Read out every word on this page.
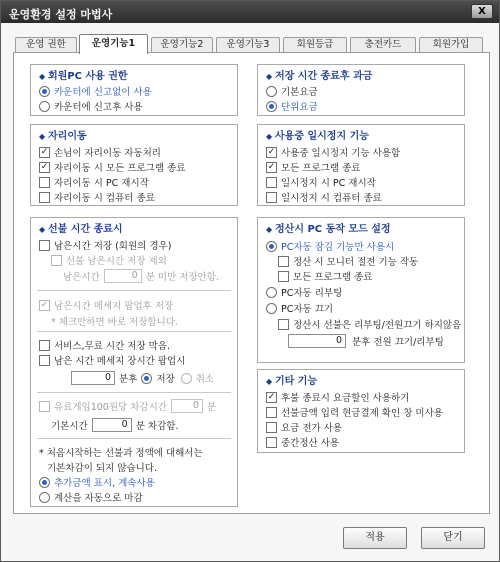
운영환경 설정 마법사	X
운영 권한	운영기능1	운영기능2	운영기능3	회원등급	충전카드	회원가입
◆ 회원PC 사용 권한
카운터에 신고없이 사용
카운터에 신고후 사용
◆ 자리이동
✓ 손님이 자리이동 자동처리
✓ 자리이동 시 모든 프로그램 종료
자리이동 시 PC 재시작
자리이동 시 컴퓨터 종료
◆ 선불 시간 종료시
남은시간 저장 (회원의 경우)
선불 남은시간 저장 제외
남은시간	0 분 미만 저장안함.
✓ 남은시간 메세지 팝업후 저장
* 체크안하면 바로 저장합니다.
서비스,무료 시간 저장 막음.
남은 시간 메세지 장시간 팝업시
0 분후 저장 취소
유료게임100원당 차감시간	0 분
기본시간	0 분 차감함.
* 처음시작하는 선불과 정액에 대해서는
기본차감이 되지 않습니다.
추가금액 표시, 계속사용
계산을 자동으로 마감
◆ 저장 시간 종료후 과금
기본요금
단위요금
◆ 사용중 일시정지 기능
✓ 사용중 일시정지 기능 사용함
✓ 모든 프로그램 종료
일시정지 시 PC 재시작
일시정지 시 컴퓨터 종료
◆ 정산시 PC 동작 모드 설정
PC자동 잠김 기능만 사용시
정산 시 모니터 절전 기능 작동
모든 프로그램 종료
PC자동 리부팅
PC자동 끄기
정산시 선불은 리부팅/전원끄기 하지않음
0	분후 전원 끄기/리부팅
◆ 기타 기능
✓ 후불 종료시 요금할인 사용하기
선불금액 입력 현금결제 확인 창 미사용
요금 전가 사용
중간정산 사용
적용	닫기
